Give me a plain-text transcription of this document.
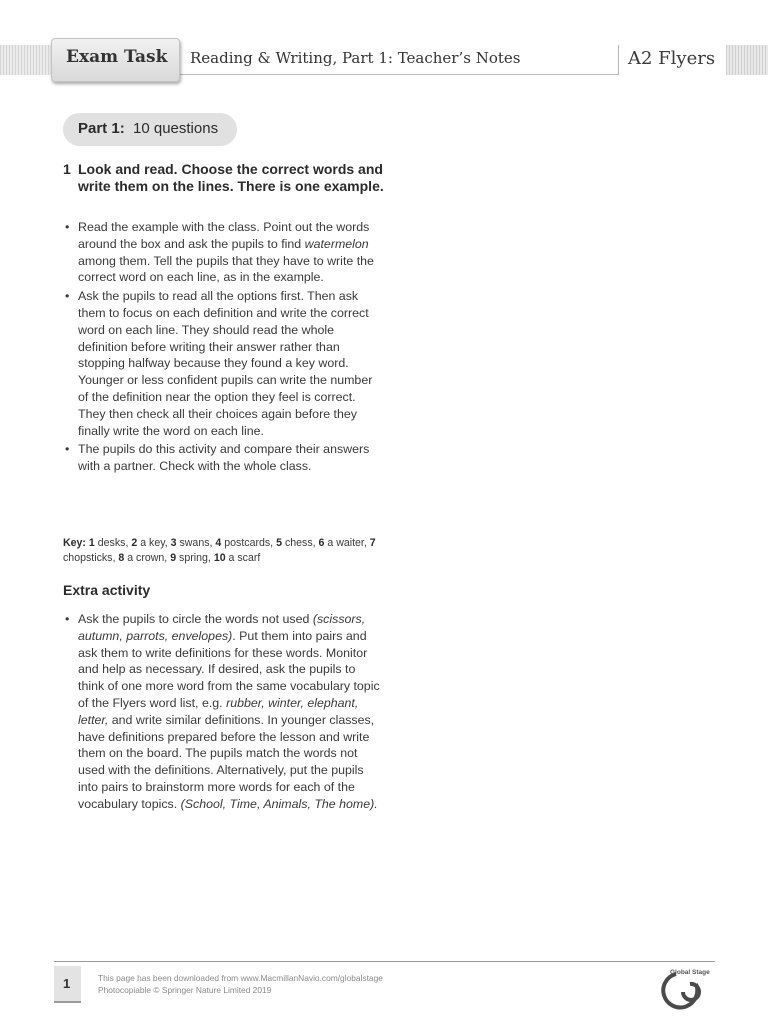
Exam Task Reading & Writing, Part 1: Teacher’s Notes	A2 Flyers
Part 1: 10 questions
1 Look and read. Choose the correct words and write them on the lines. There is one example.
• Read the example with the class. Point out the words around the box and ask the pupils to find watermelon among them. Tell the pupils that they have to write the correct word on each line, as in the example.
• Ask the pupils to read all the options first. Then ask them to focus on each definition and write the correct word on each line. They should read the whole definition before writing their answer rather than stopping halfway because they found a key word. Younger or less confident pupils can write the number of the definition near the option they feel is correct. They then check all their choices again before they finally write the word on each line.
• The pupils do this activity and compare their answers with a partner. Check with the whole class.
Key: 1 desks, 2 a key, 3 swans, 4 postcards, 5 chess, 6 a waiter, 7 chopsticks, 8 a crown, 9 spring, 10 a scarf
Extra activity
• Ask the pupils to circle the words not used (scissors, autumn, parrots, envelopes). Put them into pairs and ask them to write definitions for these words. Monitor and help as necessary. If desired, ask the pupils to think of one more word from the same vocabulary topic of the Flyers word list, e.g. rubber, winter, elephant, letter, and write similar definitions. In younger classes, have definitions prepared before the lesson and write them on the board. The pupils match the words not used with the definitions. Alternatively, put the pupils into pairs to brainstorm more words for each of the vocabulary topics. (School, Time, Animals, The home).
1	This page has been downloaded from www.MacmillanNavio.com/globalstage
Photocopiable © Springer Nature Limited 2019
Global Stage
